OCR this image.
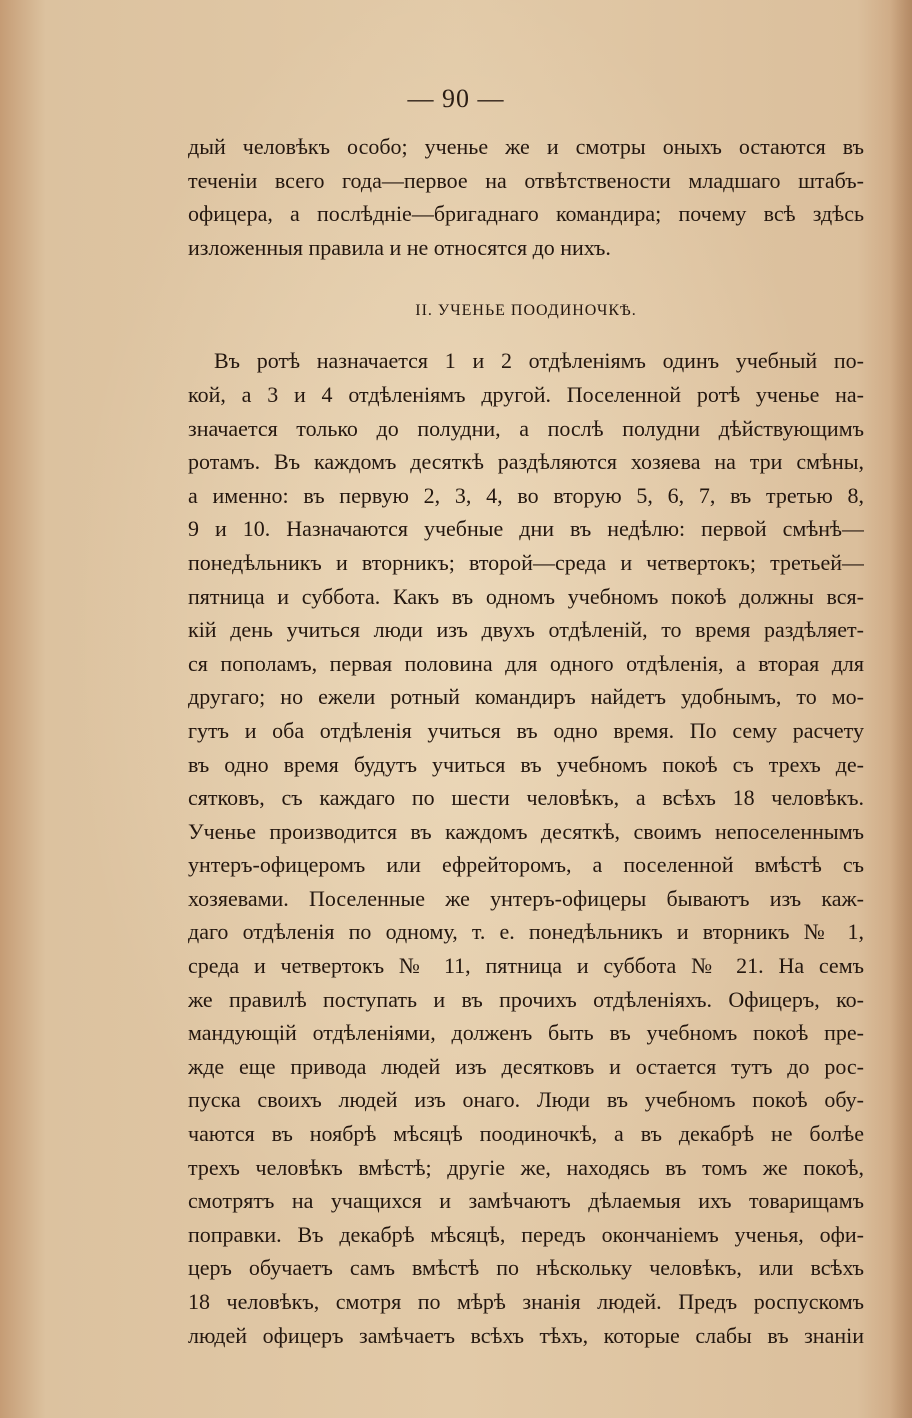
— 90 —
дый человѣкъ особо; ученье же и смотры оныхъ остаются въ
теченіи всего года—первое на отвѣтствености младшаго штабъ-
офицера, а послѣдніе—бригаднаго командира; почему всѣ здѣсь
изложенныя правила и не относятся до нихъ.
II. УЧЕНЬЕ ПООДИНОЧКѢ.
Въ ротѣ назначается 1 и 2 отдѣленіямъ одинъ учебный по-
кой, а 3 и 4 отдѣленіямъ другой. Поселенной ротѣ ученье на-
значается только до полудни, а послѣ полудни дѣйствующимъ
ротамъ. Въ каждомъ десяткѣ раздѣляются хозяева на три смѣны,
а именно: въ первую 2, 3, 4, во вторую 5, 6, 7, въ третью 8,
9 и 10. Назначаются учебные дни въ недѣлю: первой смѣнѣ—
понедѣльникъ и вторникъ; второй—среда и четвертокъ; третьей—
пятница и суббота. Какъ въ одномъ учебномъ покоѣ должны вся-
кій день учиться люди изъ двухъ отдѣленій, то время раздѣляет-
ся пополамъ, первая половина для одного отдѣленія, а вторая для
другаго; но ежели ротный командиръ найдетъ удобнымъ, то мо-
гутъ и оба отдѣленія учиться въ одно время. По сему расчету
въ одно время будутъ учиться въ учебномъ покоѣ съ трехъ де-
сятковъ, съ каждаго по шести человѣкъ, а всѣхъ 18 человѣкъ.
Ученье производится въ каждомъ десяткѣ, своимъ непоселеннымъ
унтеръ-офицеромъ или ефрейторомъ, а поселенной вмѣстѣ съ
хозяевами. Поселенные же унтеръ-офицеры бываютъ изъ каж-
даго отдѣленія по одному, т. е. понедѣльникъ и вторникъ № 1,
среда и четвертокъ № 11, пятница и суббота № 21. На семъ
же правилѣ поступать и въ прочихъ отдѣленіяхъ. Офицеръ, ко-
мандующій отдѣленіями, долженъ быть въ учебномъ покоѣ пре-
жде еще привода людей изъ десятковъ и остается тутъ до рос-
пуска своихъ людей изъ онаго. Люди въ учебномъ покоѣ обу-
чаются въ ноябрѣ мѣсяцѣ поодиночкѣ, а въ декабрѣ не болѣе
трехъ человѣкъ вмѣстѣ; другіе же, находясь въ томъ же покоѣ,
смотрятъ на учащихся и замѣчаютъ дѣлаемыя ихъ товарищамъ
поправки. Въ декабрѣ мѣсяцѣ, передъ окончаніемъ ученья, офи-
церъ обучаетъ самъ вмѣстѣ по нѣскольку человѣкъ, или всѣхъ
18 человѣкъ, смотря по мѣрѣ знанія людей. Предъ роспускомъ
людей офицеръ замѣчаетъ всѣхъ тѣхъ, которые слабы въ знаніи
